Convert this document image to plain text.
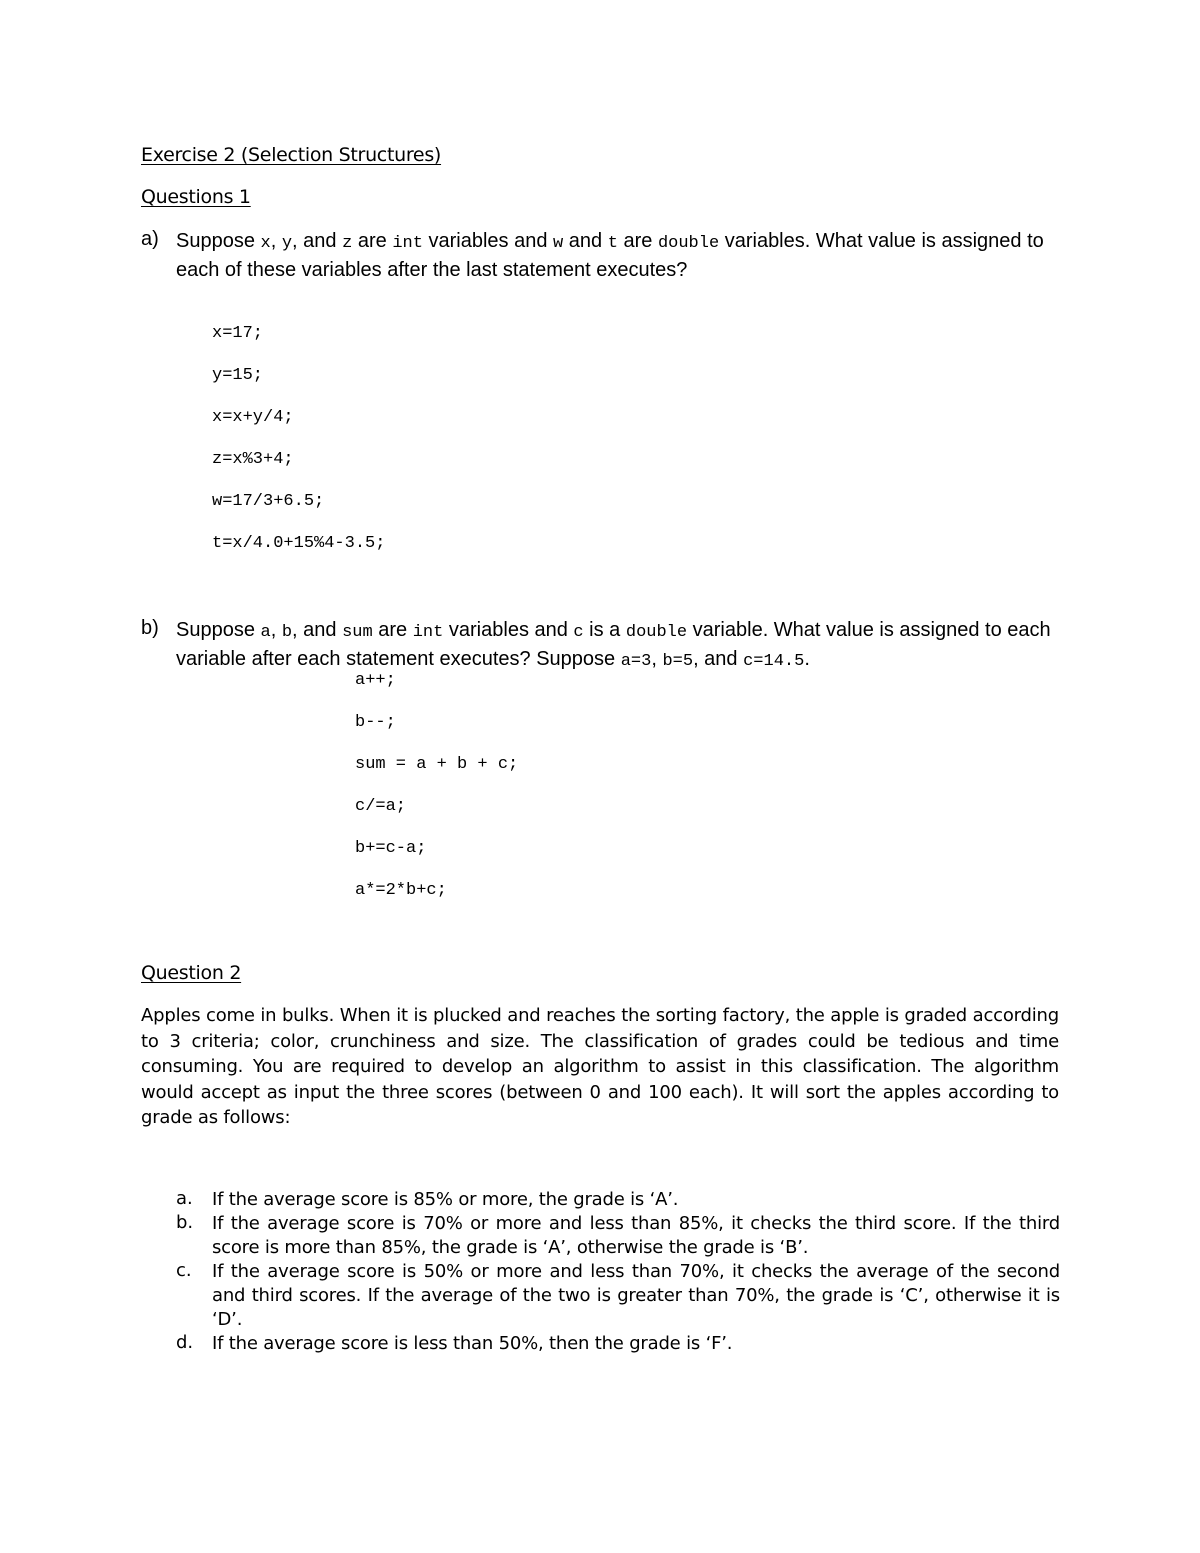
Exercise 2 (Selection Structures)

Questions 1

a) Suppose x, y, and z are int variables and w and t are double variables. What value is assigned to each of these variables after the last statement executes?

x=17;

y=15;

x=x+y/4;

z=x%3+4;

w=17/3+6.5;

t=x/4.0+15%4-3.5;

b) Suppose a, b, and sum are int variables and c is a double variable. What value is assigned to each variable after each statement executes? Suppose a=3, b=5, and c=14.5.

a++;

b--;

sum = a + b + c;

c/=a;

b+=c-a;

a*=2*b+c;

Question 2

Apples come in bulks. When it is plucked and reaches the sorting factory, the apple is graded according to 3 criteria; color, crunchiness and size. The classification of grades could be tedious and time consuming. You are required to develop an algorithm to assist in this classification. The algorithm would accept as input the three scores (between 0 and 100 each). It will sort the apples according to grade as follows:

a. If the average score is 85% or more, the grade is ‘A’.

b. If the average score is 70% or more and less than 85%, it checks the third score. If the third score is more than 85%, the grade is ‘A’, otherwise the grade is ‘B’.

c. If the average score is 50% or more and less than 70%, it checks the average of the second and third scores. If the average of the two is greater than 70%, the grade is ‘C’, otherwise it is ‘D’.

d. If the average score is less than 50%, then the grade is ‘F’.
